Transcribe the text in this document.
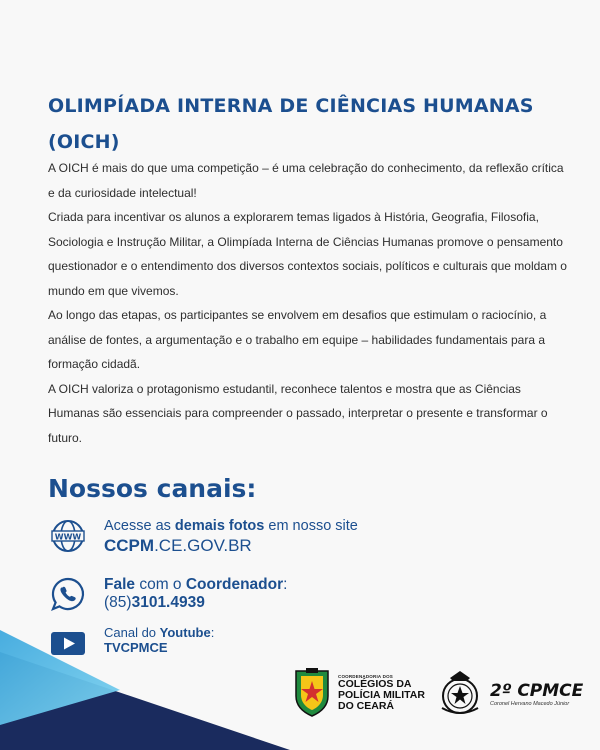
OLIMPÍADA INTERNA DE CIÊNCIAS HUMANAS
(OICH)

A OICH é mais do que uma competição – é uma celebração do conhecimento, da reflexão crítica e da curiosidade intelectual!

Criada para incentivar os alunos a explorarem temas ligados à História, Geografia, Filosofia, Sociologia e Instrução Militar, a Olimpíada Interna de Ciências Humanas promove o pensamento questionador e o entendimento dos diversos contextos sociais, políticos e culturais que moldam o mundo em que vivemos.

Ao longo das etapas, os participantes se envolvem em desafios que estimulam o raciocínio, a análise de fontes, a argumentação e o trabalho em equipe – habilidades fundamentais para a formação cidadã.

A OICH valoriza o protagonismo estudantil, reconhece talentos e mostra que as Ciências Humanas são essenciais para compreender o passado, interpretar o presente e transformar o futuro.

Nossos canais:
WWW
Acesse as demais fotos em nosso site
CCPM.CE.GOV.BR
Fale com o Coordenador:
(85)3101.4939
Canal do Youtube:
TVCPMCE
COORDENADORIA DOS
COLÉGIOS DA
POLÍCIA MILITAR
DO CEARÁ
2º CPMCE
Coronel Hervano Macedo Júnior
